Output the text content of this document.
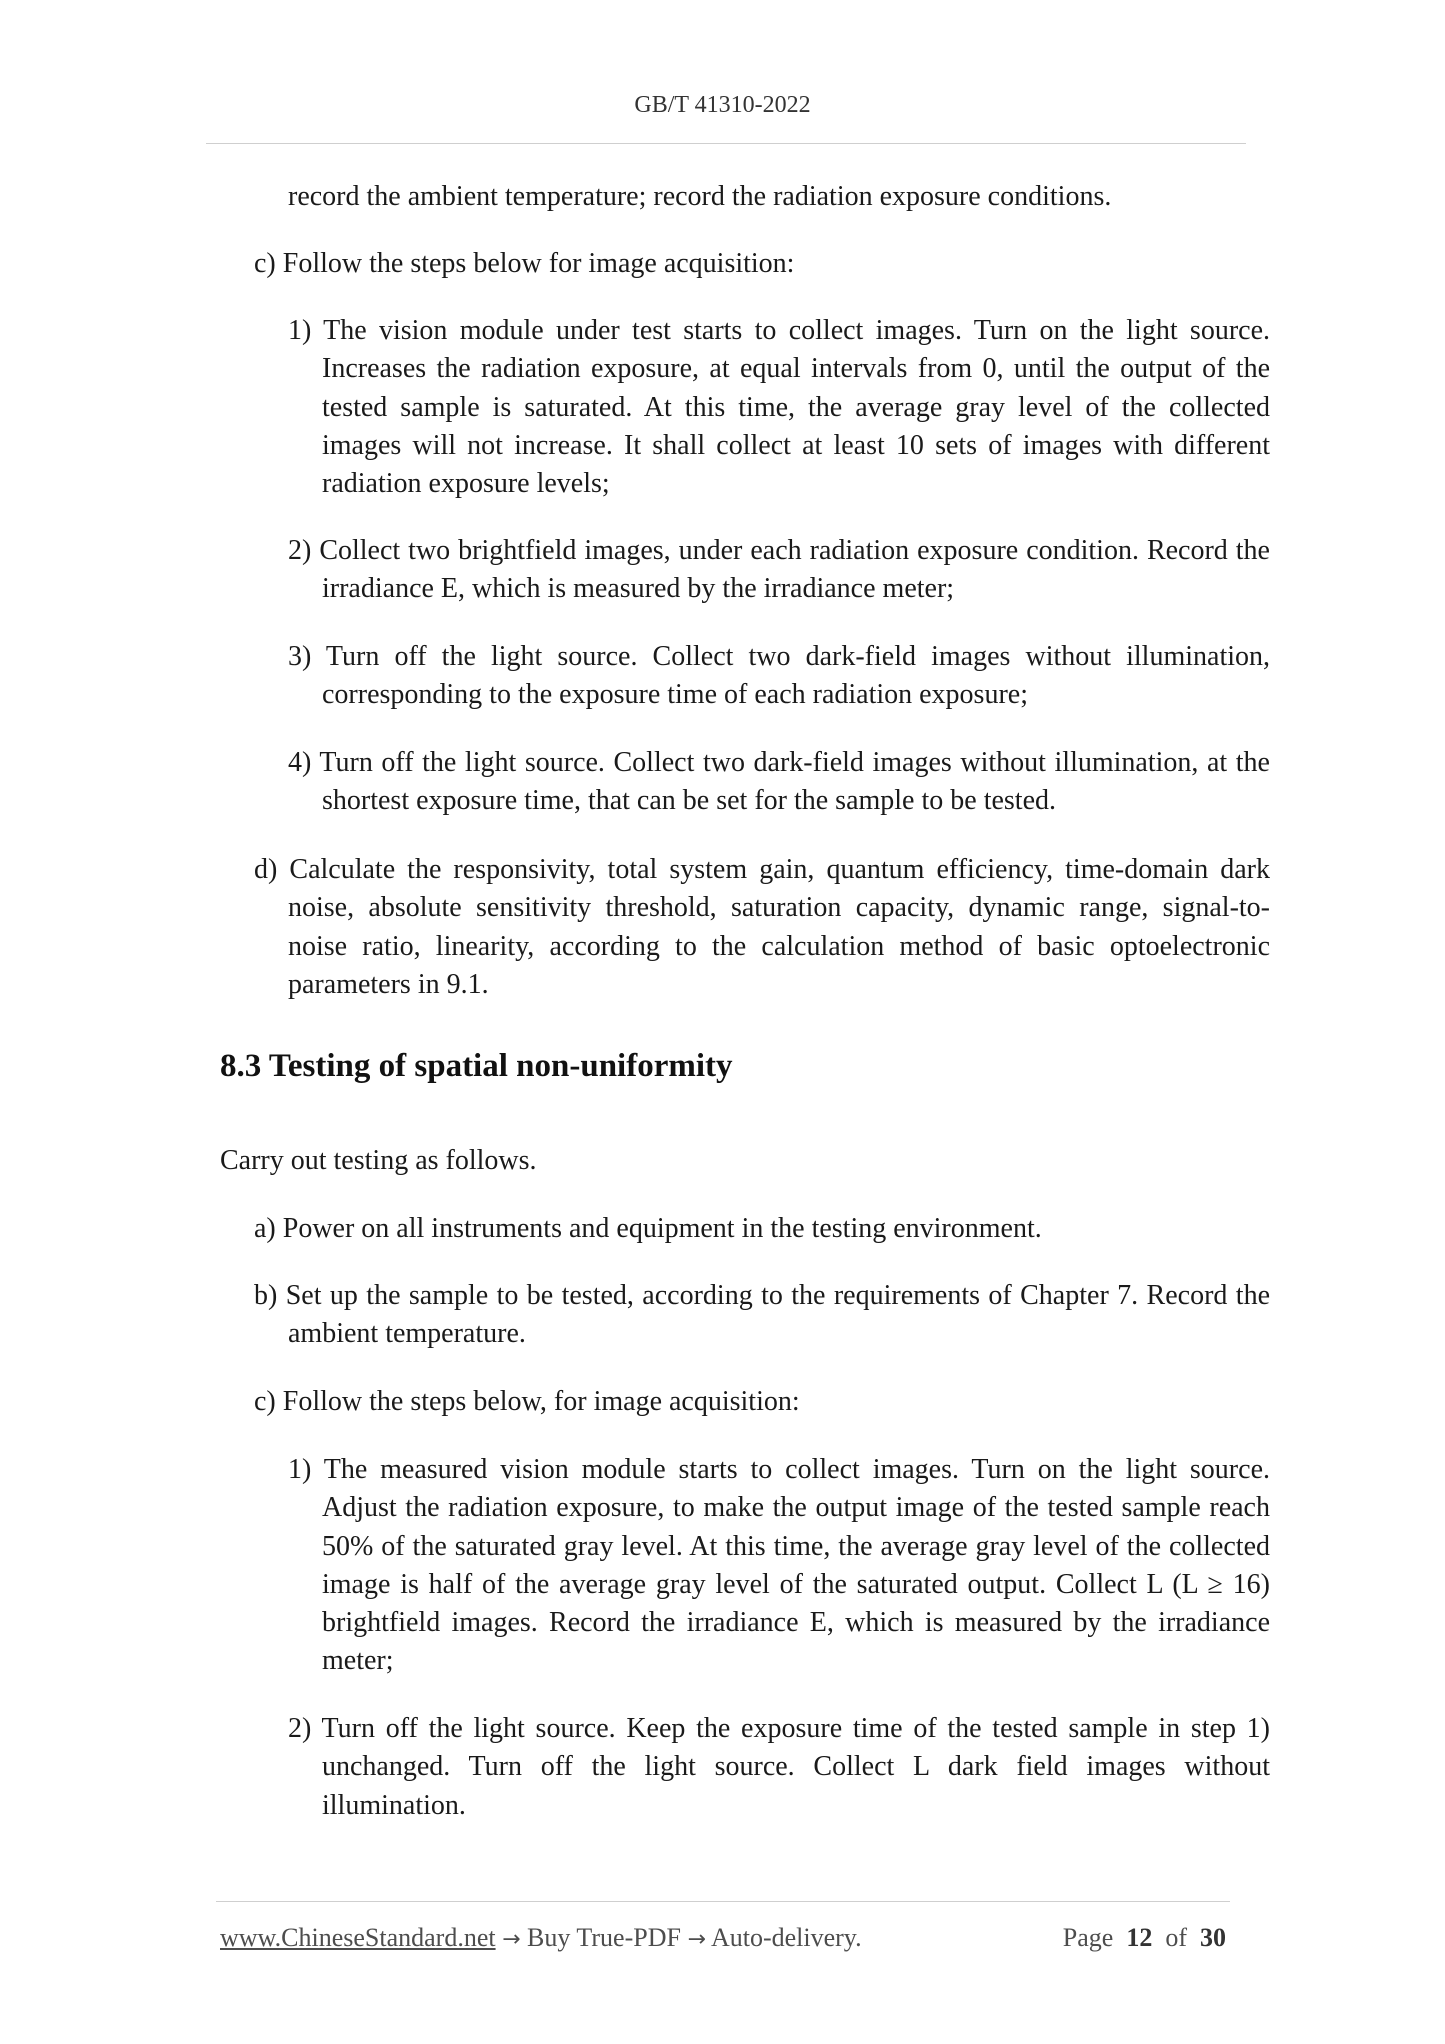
GB/T 41310-2022

record the ambient temperature; record the radiation exposure conditions.

c) Follow the steps below for image acquisition:

1) The vision module under test starts to collect images. Turn on the light source. Increases the radiation exposure, at equal intervals from 0, until the output of the tested sample is saturated. At this time, the average gray level of the collected images will not increase. It shall collect at least 10 sets of images with different radiation exposure levels;

2) Collect two brightfield images, under each radiation exposure condition. Record the irradiance E, which is measured by the irradiance meter;

3) Turn off the light source. Collect two dark-field images without illumination, corresponding to the exposure time of each radiation exposure;

4) Turn off the light source. Collect two dark-field images without illumination, at the shortest exposure time, that can be set for the sample to be tested.

d) Calculate the responsivity, total system gain, quantum efficiency, time-domain dark noise, absolute sensitivity threshold, saturation capacity, dynamic range, signal-to-noise ratio, linearity, according to the calculation method of basic optoelectronic parameters in 9.1.

8.3 Testing of spatial non-uniformity

Carry out testing as follows.

a) Power on all instruments and equipment in the testing environment.

b) Set up the sample to be tested, according to the requirements of Chapter 7. Record the ambient temperature.

c) Follow the steps below, for image acquisition:

1) The measured vision module starts to collect images. Turn on the light source. Adjust the radiation exposure, to make the output image of the tested sample reach 50% of the saturated gray level. At this time, the average gray level of the collected image is half of the average gray level of the saturated output. Collect L (L ≥ 16) brightfield images. Record the irradiance E, which is measured by the irradiance meter;

2) Turn off the light source. Keep the exposure time of the tested sample in step 1) unchanged. Turn off the light source. Collect L dark field images without illumination.

www.ChineseStandard.net → Buy True-PDF → Auto-delivery.	Page 12 of 30
